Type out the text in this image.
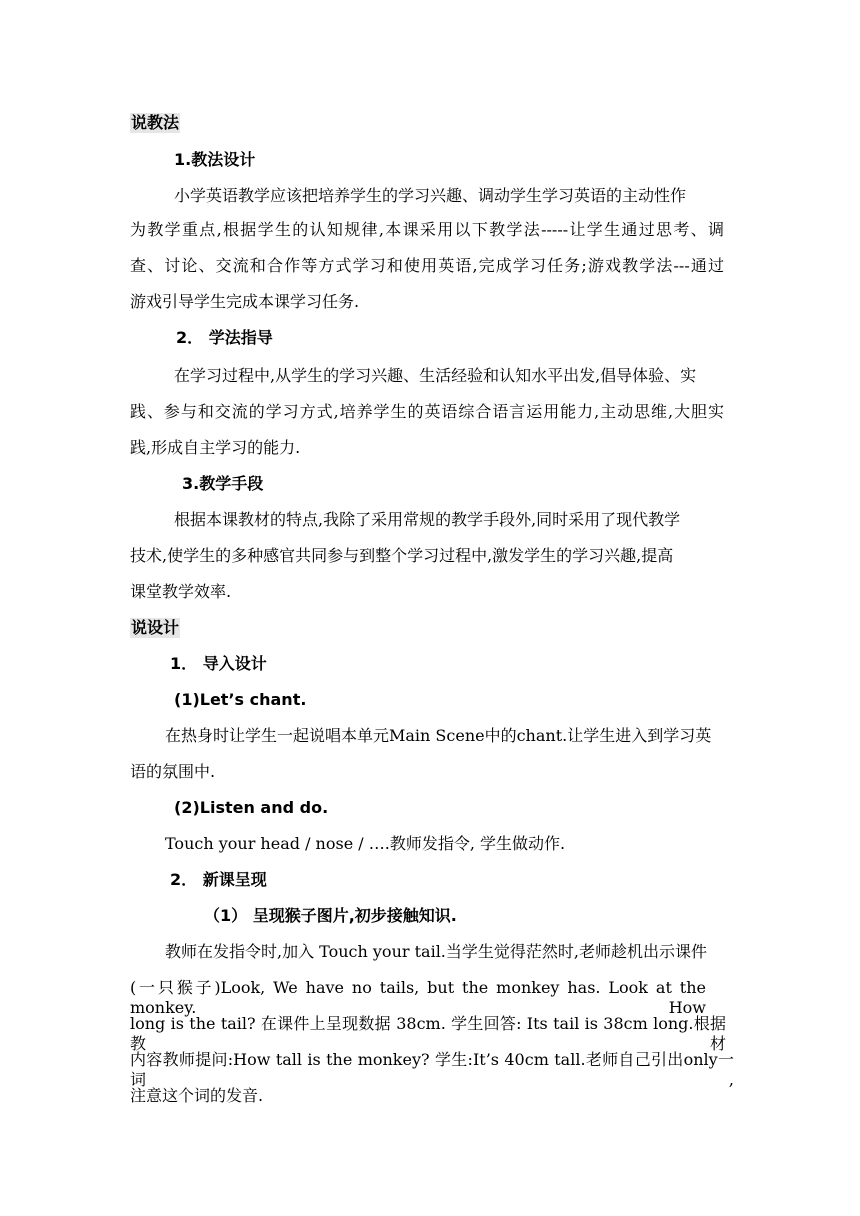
说教法
1.教法设计
小学英语教学应该把培养学生的学习兴趣、调动学生学习英语的主动性作
为教学重点,根据学生的认知规律,本课采用以下教学法-----让学生通过思考、调
查、讨论、交流和合作等方式学习和使用英语,完成学习任务;游戏教学法---通过
游戏引导学生完成本课学习任务.
2． 学法指导
在学习过程中,从学生的学习兴趣、生活经验和认知水平出发,倡导体验、实
践、参与和交流的学习方式,培养学生的英语综合语言运用能力,主动思维,大胆实
践,形成自主学习的能力.
3.教学手段
根据本课教材的特点,我除了采用常规的教学手段外,同时采用了现代教学
技术,使学生的多种感官共同参与到整个学习过程中,激发学生的学习兴趣,提高
课堂教学效率.
说设计
1． 导入设计
(1)Let’s chant.
在热身时让学生一起说唱本单元Main Scene中的chant.让学生进入到学习英
语的氛围中.
(2)Listen and do.
Touch your head / nose / ….教师发指令, 学生做动作.
2． 新课呈现
（1） 呈现猴子图片,初步接触知识.
教师在发指令时,加入 Touch your tail.当学生觉得茫然时,老师趁机出示课件
(一只猴子)Look, We have no tails, but the monkey has. Look at the monkey. How
long is the tail? 在课件上呈现数据 38cm. 学生回答: Its tail is 38cm long.根据教材
内容教师提问:How tall is the monkey? 学生:It’s 40cm tall.老师自己引出only一词,
注意这个词的发音.
